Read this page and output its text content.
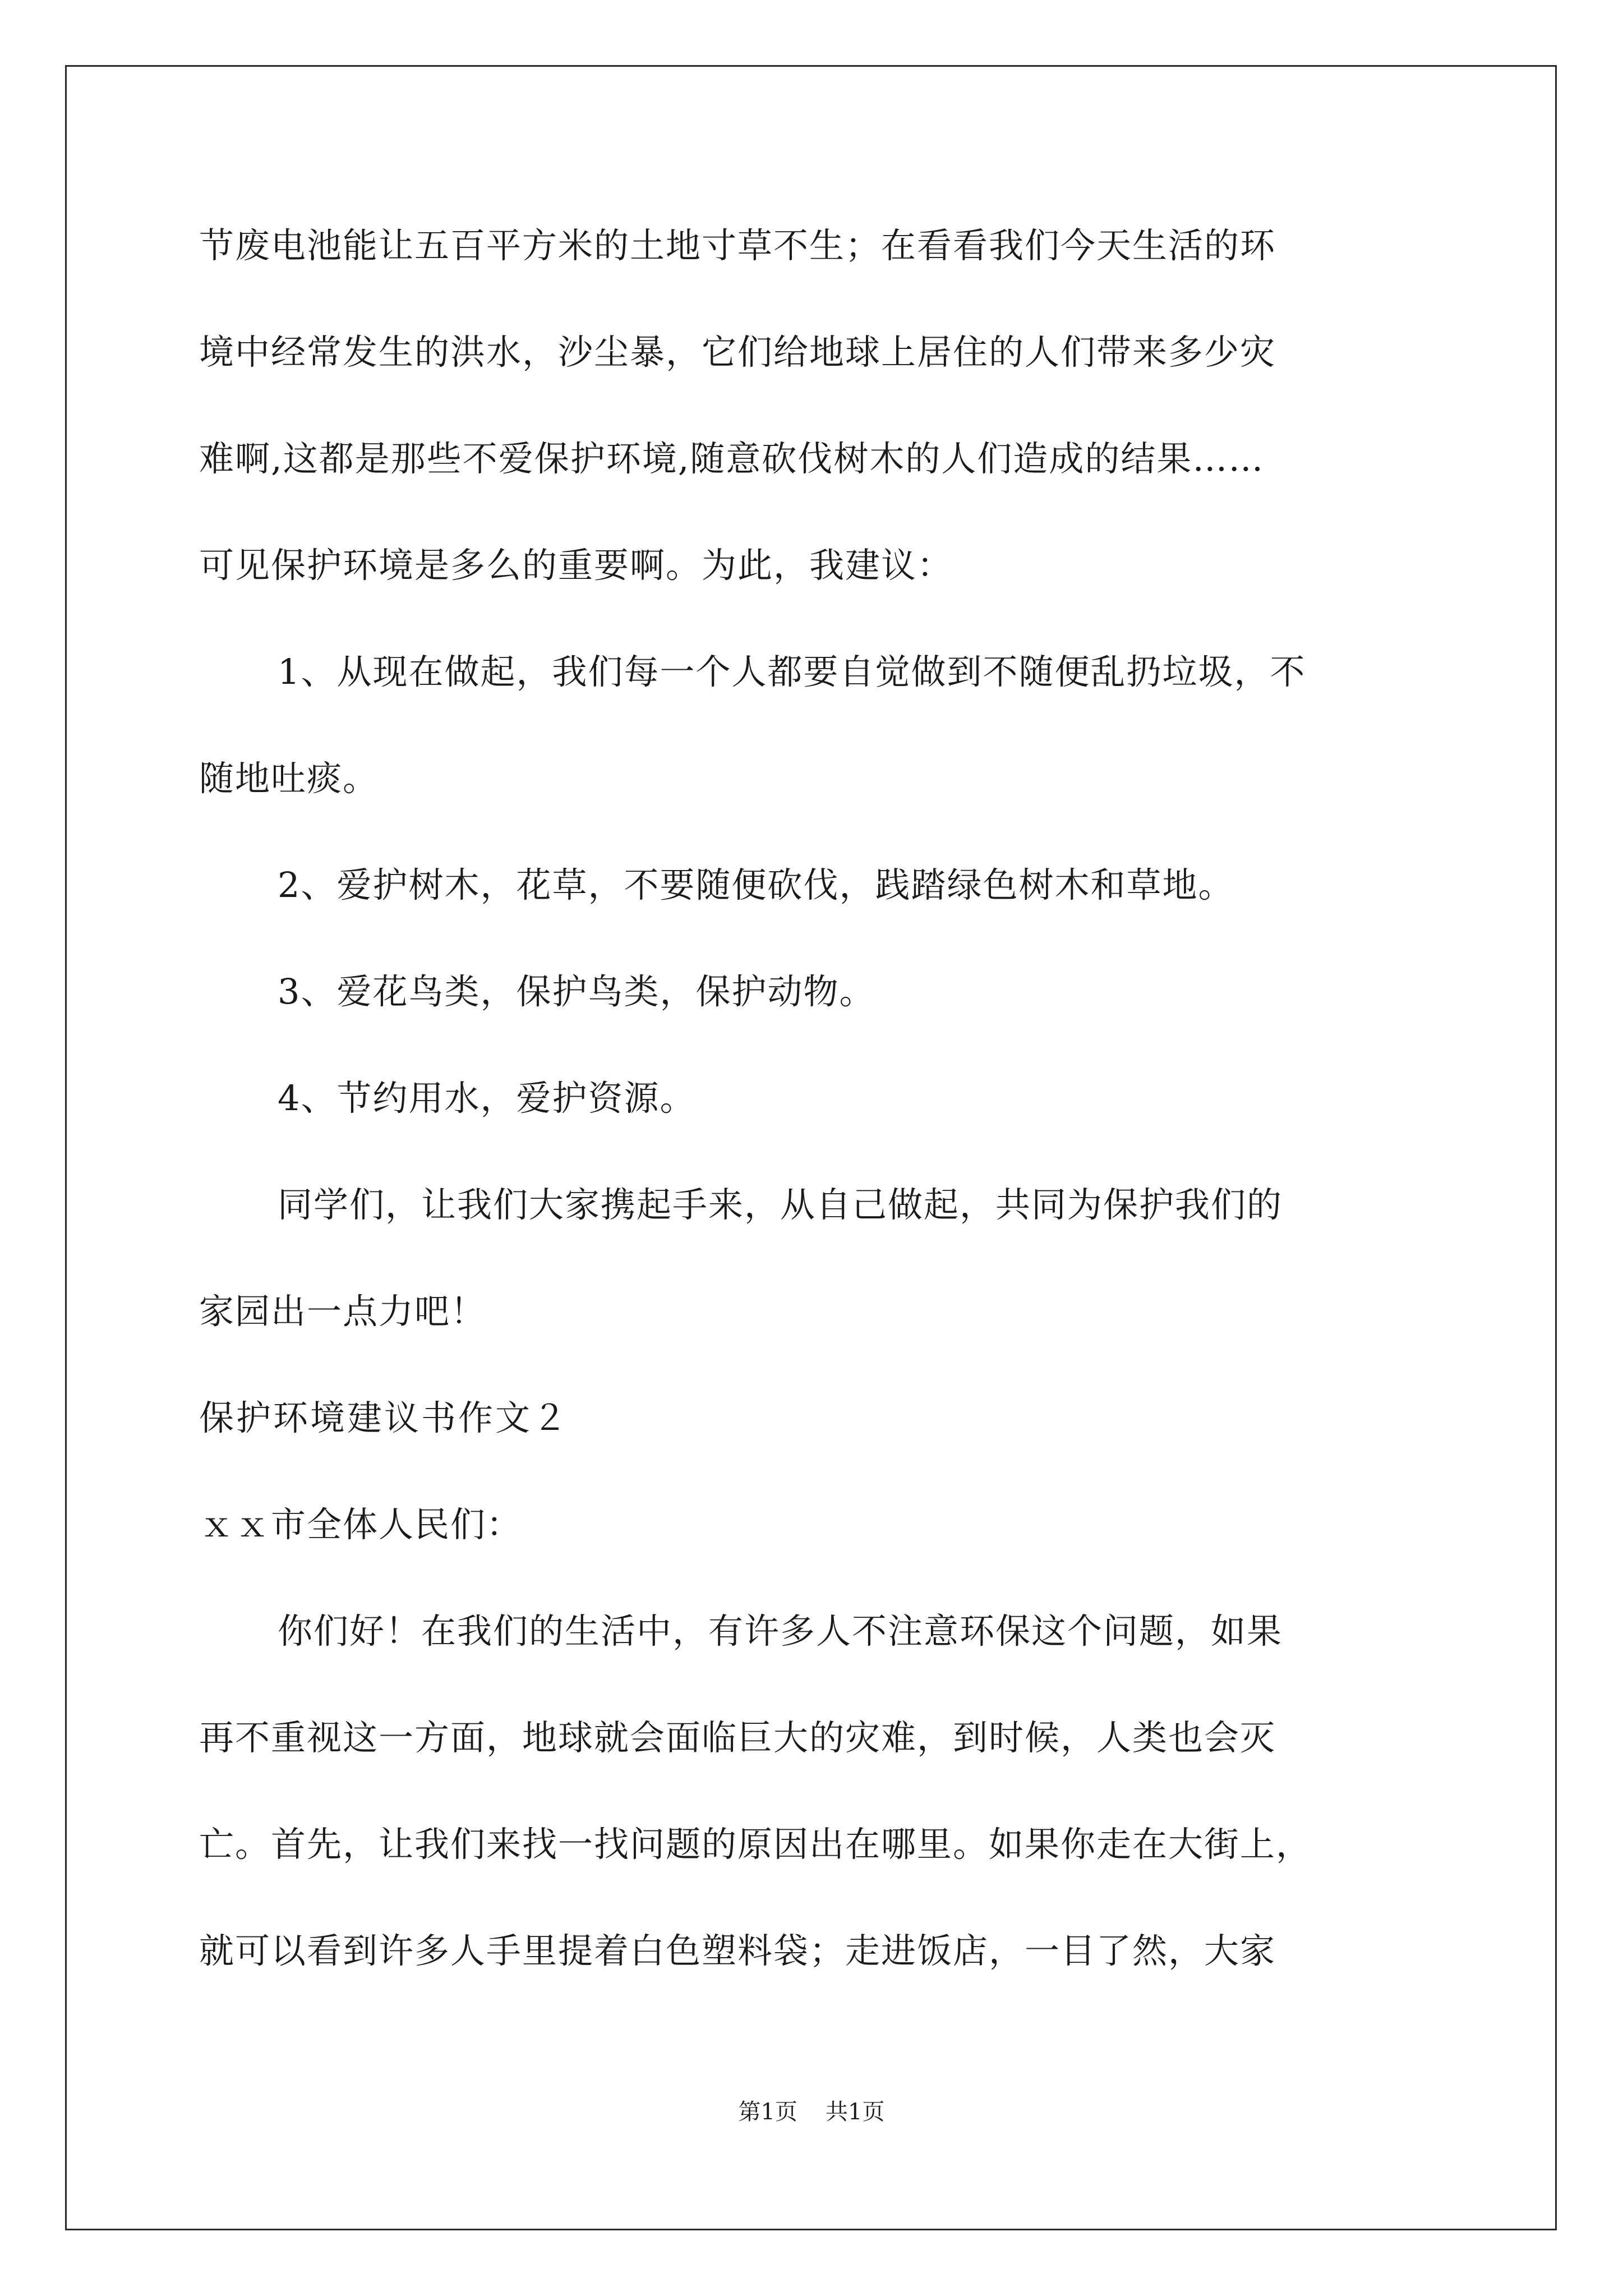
节废电池能让五百平方米的土地寸草不生；在看看我们今天生活的环
境中经常发生的洪水，沙尘暴，它们给地球上居住的人们带来多少灾
难啊,这都是那些不爱保护环境,随意砍伐树木的人们造成的结果……
可见保护环境是多么的重要啊。为此，我建议：
1、从现在做起，我们每一个人都要自觉做到不随便乱扔垃圾，不
随地吐痰。
2、爱护树木，花草，不要随便砍伐，践踏绿色树木和草地。
3、爱花鸟类，保护鸟类，保护动物。
4、节约用水，爱护资源。
同学们，让我们大家携起手来，从自己做起，共同为保护我们的
家园出一点力吧！
保护环境建议书作文２
ｘｘ市全体人民们：
你们好！在我们的生活中，有许多人不注意环保这个问题，如果
再不重视这一方面，地球就会面临巨大的灾难，到时候，人类也会灭
亡。首先，让我们来找一找问题的原因出在哪里。如果你走在大街上，
就可以看到许多人手里提着白色塑料袋；走进饭店，一目了然，大家
第1页 共1页
